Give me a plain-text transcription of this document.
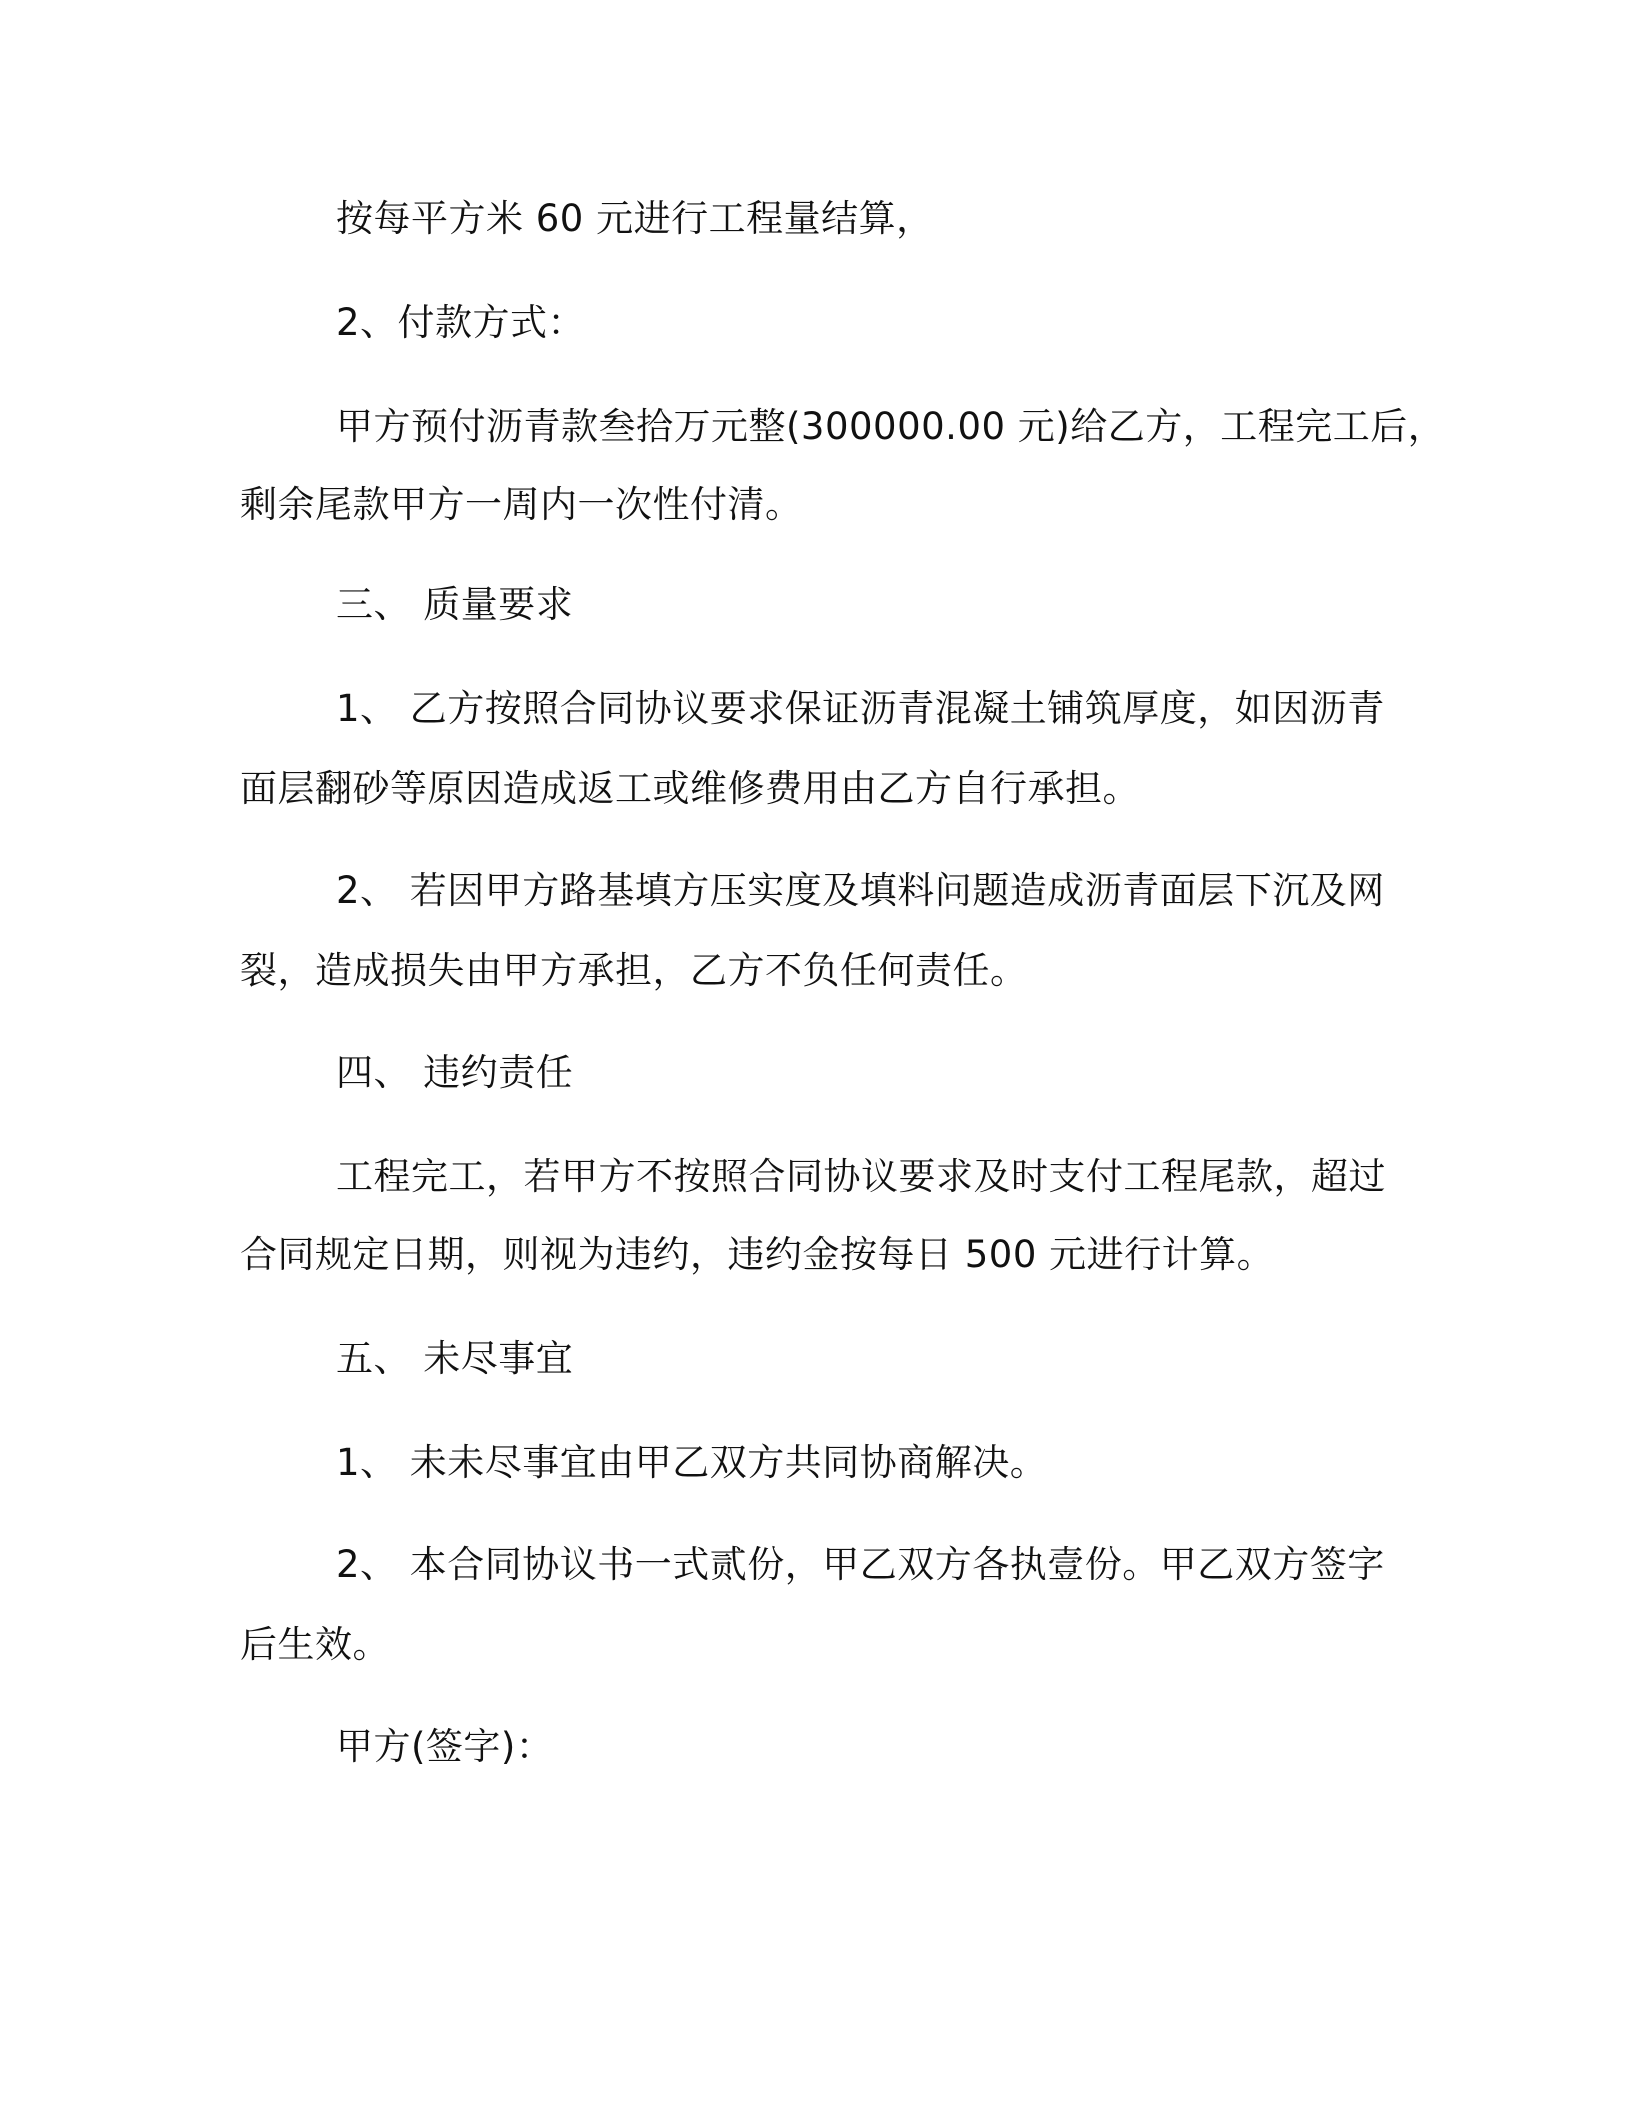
按每平方米 60 元进行工程量结算，
2、付款方式：
甲方预付沥青款叁拾万元整(300000.00 元)给乙方，工程完工后，
剩余尾款甲方一周内一次性付清。
三、 质量要求
1、 乙方按照合同协议要求保证沥青混凝土铺筑厚度，如因沥青
面层翻砂等原因造成返工或维修费用由乙方自行承担。
2、 若因甲方路基填方压实度及填料问题造成沥青面层下沉及网
裂，造成损失由甲方承担，乙方不负任何责任。
四、 违约责任
工程完工，若甲方不按照合同协议要求及时支付工程尾款，超过
合同规定日期，则视为违约，违约金按每日 500 元进行计算。
五、 未尽事宜
1、 未未尽事宜由甲乙双方共同协商解决。
2、 本合同协议书一式贰份，甲乙双方各执壹份。甲乙双方签字
后生效。
甲方(签字)：
